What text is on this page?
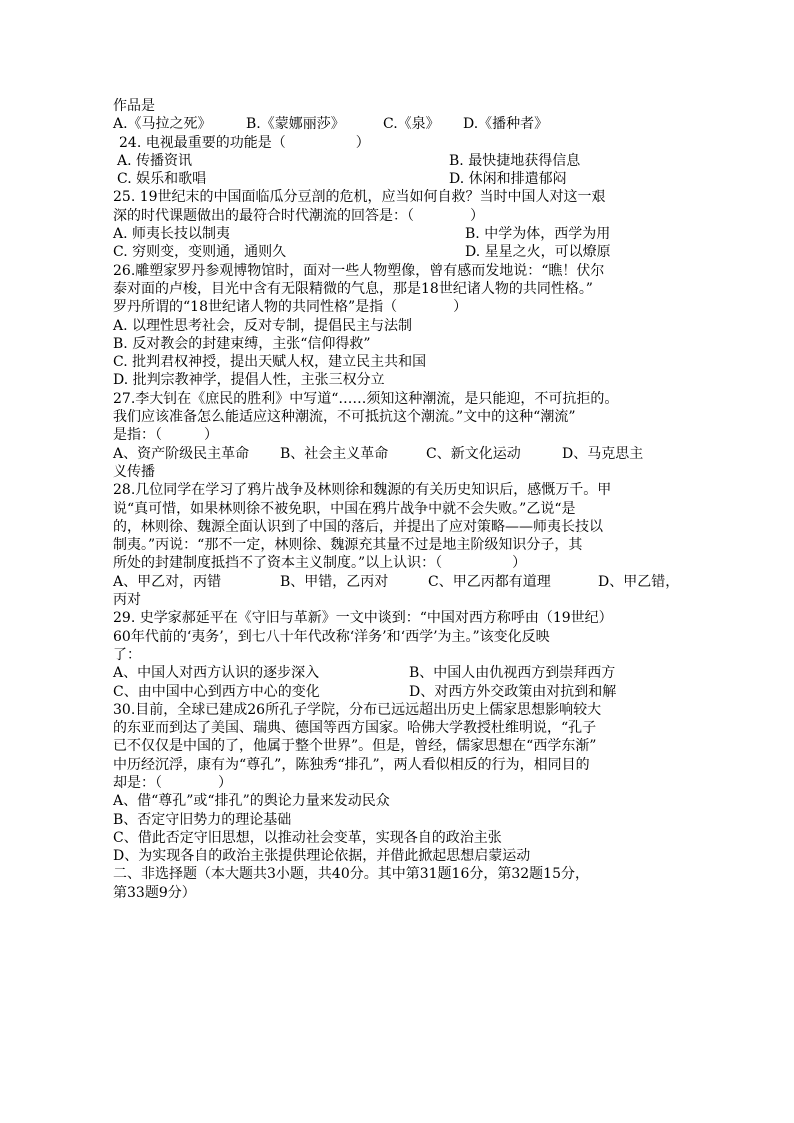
作品是
A.《马拉之死》	B.《蒙娜丽莎》	C.《泉》	D.《播种者》
24. 电视最重要的功能是（　　　　　）
A. 传播资讯	B. 最快捷地获得信息
C. 娱乐和歌唱	D. 休闲和排遣郁闷
25. 19世纪末的中国面临瓜分豆剖的危机，应当如何自救？当时中国人对这一艰
深的时代课题做出的最符合时代潮流的回答是：（　　　　）
A. 师夷长技以制夷	B. 中学为体，西学为用
C. 穷则变，变则通，通则久	D. 星星之火，可以燎原
26.雕塑家罗丹参观博物馆时，面对一些人物塑像，曾有感而发地说：“瞧！伏尔
泰对面的卢梭，目光中含有无限精微的气息，那是18世纪诸人物的共同性格。”
罗丹所谓的“18世纪诸人物的共同性格”是指（　　　　）
A. 以理性思考社会，反对专制，提倡民主与法制
B. 反对教会的封建束缚，主张“信仰得救”
C. 批判君权神授，提出天赋人权，建立民主共和国
D. 批判宗教神学，提倡人性，主张三权分立
27.李大钊在《庶民的胜利》中写道“……须知这种潮流，是只能迎，不可抗拒的。
我们应该准备怎么能适应这种潮流，不可抵抗这个潮流。”文中的这种“潮流”
是指：（　　　）
A、资产阶级民主革命	B、社会主义革命	C、新文化运动	D、马克思主
义传播
28.几位同学在学习了鸦片战争及林则徐和魏源的有关历史知识后，感慨万千。甲
说“真可惜，如果林则徐不被免职，中国在鸦片战争中就不会失败。”乙说“是
的，林则徐、魏源全面认识到了中国的落后，并提出了应对策略——师夷长技以
制夷。”丙说：“那不一定，林则徐、魏源充其量不过是地主阶级知识分子，其
所处的封建制度抵挡不了资本主义制度。”以上认识：（　　　　　）
A、甲乙对，丙错	B、甲错，乙丙对	C、甲乙丙都有道理	D、甲乙错，
丙对
29. 史学家郝延平在《守旧与革新》一文中谈到：“中国对西方称呼由（19世纪）
60年代前的‘夷务’，到七八十年代改称‘洋务’和‘西学’为主。”该变化反映
了：
A、中国人对西方认识的逐步深入	B、中国人由仇视西方到崇拜西方
C、由中国中心到西方中心的变化	D、对西方外交政策由对抗到和解
30.目前，全球已建成26所孔子学院，分布已远远超出历史上儒家思想影响较大
的东亚而到达了美国、瑞典、德国等西方国家。哈佛大学教授杜维明说，“孔子
已不仅仅是中国的了，他属于整个世界”。但是，曾经，儒家思想在“西学东渐”
中历经沉浮，康有为“尊孔”，陈独秀“排孔”，两人看似相反的行为，相同目的
却是：（　　　　）
A、借“尊孔”或“排孔”的舆论力量来发动民众
B、否定守旧势力的理论基础
C、借此否定守旧思想，以推动社会变革，实现各自的政治主张
D、为实现各自的政治主张提供理论依据，并借此掀起思想启蒙运动
二、非选择题（本大题共3小题，共40分。其中第31题16分，第32题15分，
第33题9分）
